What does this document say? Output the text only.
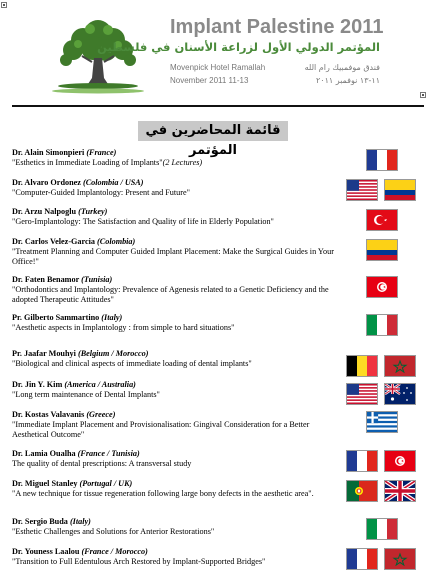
Implant Palestine 2011
المؤتمر الدولي الأول لزراعة الأسنان في فلسطين
Movenpick Hotel Ramallah	فندق موفمبيك رام الله
November 2011 11-13	١١-١٣ نوفمبر ٢٠١١
قائمة المحاضرين في المؤتمر
Dr. Alain Simonpieri (France)
"Esthetics in Immediate Loading of Implants"(2 Lectures)
Dr. Alvaro Ordonez (Colombia / USA)
"Computer-Guided Implantology: Present and Future"
Dr. Arzu Nalpoglu (Turkey)
"Gero-Implantology: The Satisfaction and Quality of life in Elderly Population"
Dr. Carlos Velez-Garcia (Colombia)
"Treatment Planning and Computer Guided Implant Placement: Make the Surgical Guides in Your Office!"
Dr. Faten Benamor (Tunisia)
"Orthodontics and Implantology: Prevalence of Agenesis related to a Genetic Deficiency and the adopted Therapeutic Attitudes"
Pr. Gilberto Sammartino (Italy)
"Aesthetic aspects in Implantology : from simple to hard situations"
Pr. Jaafar Mouhyi (Belgium / Morocco)
"Biological and clinical aspects of immediate loading of dental implants"
Dr. Jin Y. Kim (America / Australia)
"Long term maintenance of Dental Implants"
Dr. Kostas Valavanis (Greece)
"Immediate Implant Placement and Provisionalisation: Gingival Consideration for a Better Aesthetical Outcome"
Dr. Lamia Oualha (France / Tunisia)
The quality of dental prescriptions: A transversal study
Dr. Miguel Stanley (Portugal / UK)
"A new technique for tissue regeneration following large bony defects in the aesthetic area".
Dr. Sergio Buda (Italy)
"Esthetic Challenges and Solutions for Anterior Restorations"
Dr. Youness Laalou (France / Morocco)
"Transition to Full Edentulous Arch Restored by Implant-Supported Bridges"
